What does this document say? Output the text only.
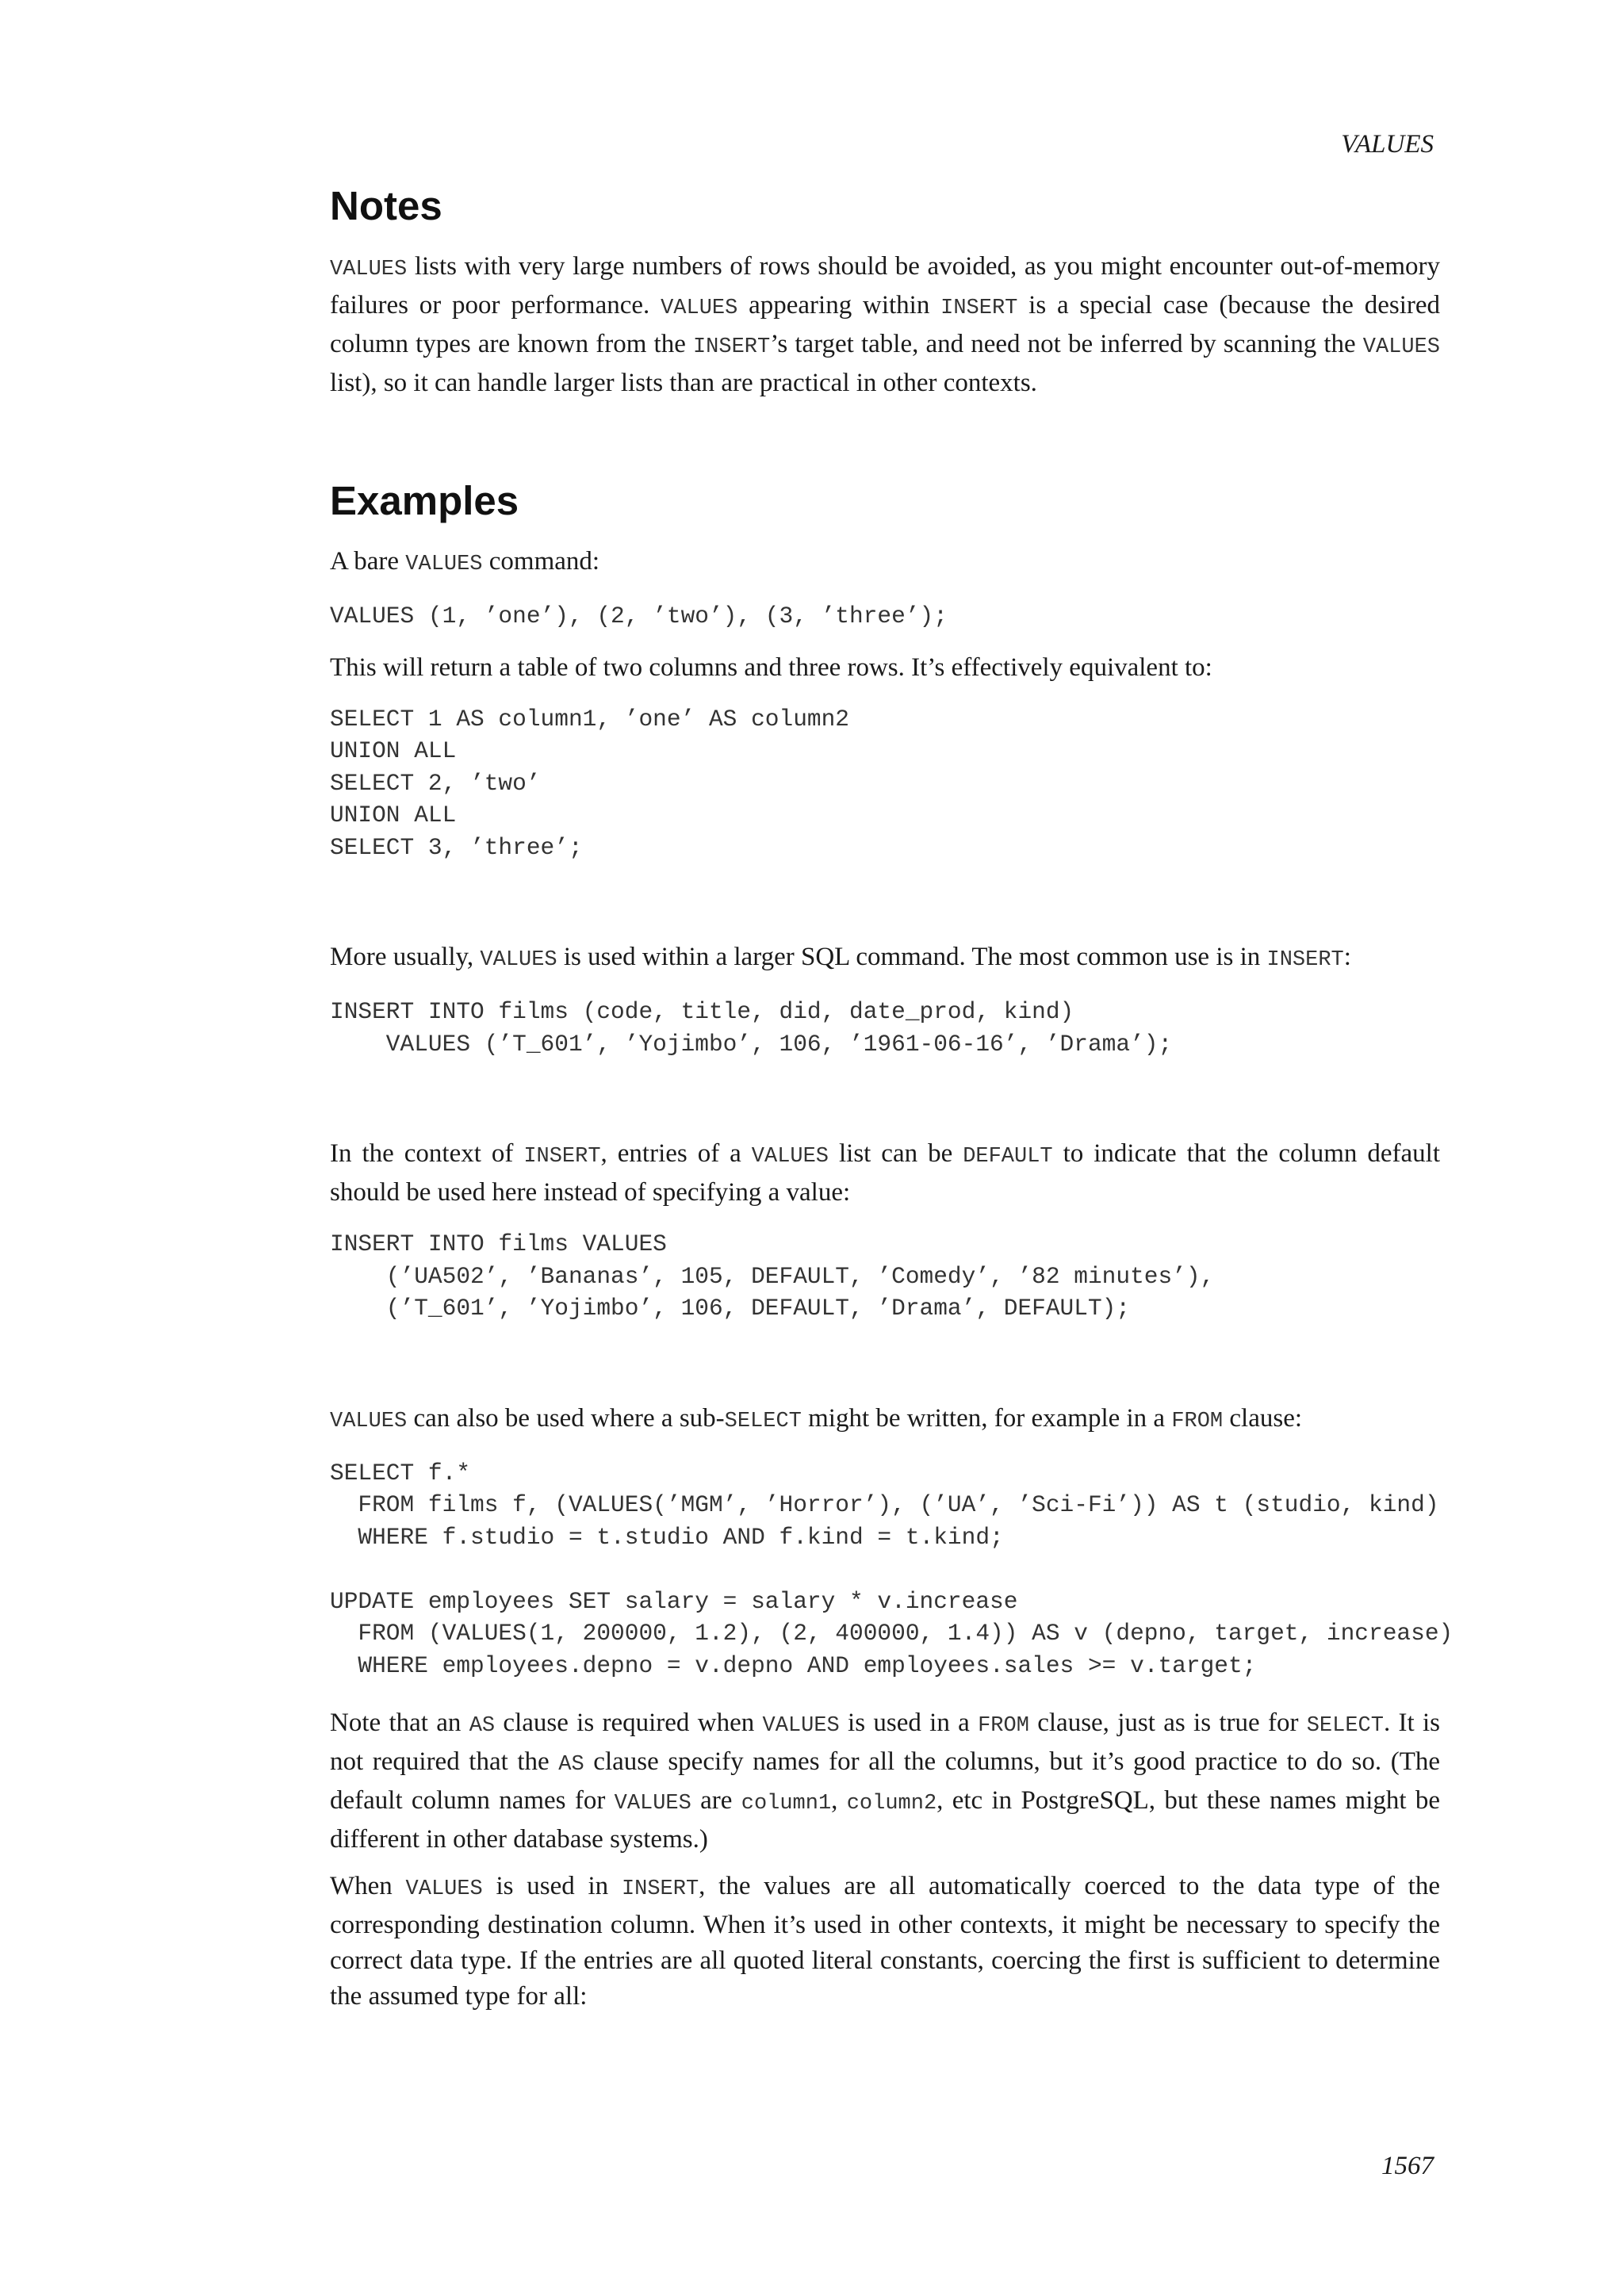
VALUES
Notes

VALUES lists with very large numbers of rows should be avoided, as you might encounter out-of-memory failures or poor performance. VALUES appearing within INSERT is a special case (because the desired column types are known from the INSERT’s target table, and need not be inferred by scanning the VALUES list), so it can handle larger lists than are practical in other contexts.

Examples

A bare VALUES command:

VALUES (1, ’one’), (2, ’two’), (3, ’three’);

This will return a table of two columns and three rows. It’s effectively equivalent to:

SELECT 1 AS column1, ’one’ AS column2
UNION ALL
SELECT 2, ’two’
UNION ALL
SELECT 3, ’three’;

More usually, VALUES is used within a larger SQL command. The most common use is in INSERT:

INSERT INTO films (code, title, did, date_prod, kind)
VALUES (’T_601’, ’Yojimbo’, 106, ’1961-06-16’, ’Drama’);

In the context of INSERT, entries of a VALUES list can be DEFAULT to indicate that the column default should be used here instead of specifying a value:

INSERT INTO films VALUES
(’UA502’, ’Bananas’, 105, DEFAULT, ’Comedy’, ’82 minutes’),
(’T_601’, ’Yojimbo’, 106, DEFAULT, ’Drama’, DEFAULT);

VALUES can also be used where a sub-SELECT might be written, for example in a FROM clause:

SELECT f.*
FROM films f, (VALUES(’MGM’, ’Horror’), (’UA’, ’Sci-Fi’)) AS t (studio, kind)
WHERE f.studio = t.studio AND f.kind = t.kind;

UPDATE employees SET salary = salary * v.increase
FROM (VALUES(1, 200000, 1.2), (2, 400000, 1.4)) AS v (depno, target, increase)
WHERE employees.depno = v.depno AND employees.sales >= v.target;

Note that an AS clause is required when VALUES is used in a FROM clause, just as is true for SELECT. It is not required that the AS clause specify names for all the columns, but it’s good practice to do so. (The default column names for VALUES are column1, column2, etc in PostgreSQL, but these names might be different in other database systems.)

When VALUES is used in INSERT, the values are all automatically coerced to the data type of the corresponding destination column. When it’s used in other contexts, it might be necessary to specify the correct data type. If the entries are all quoted literal constants, coercing the first is sufficient to determine the assumed type for all:

1567
